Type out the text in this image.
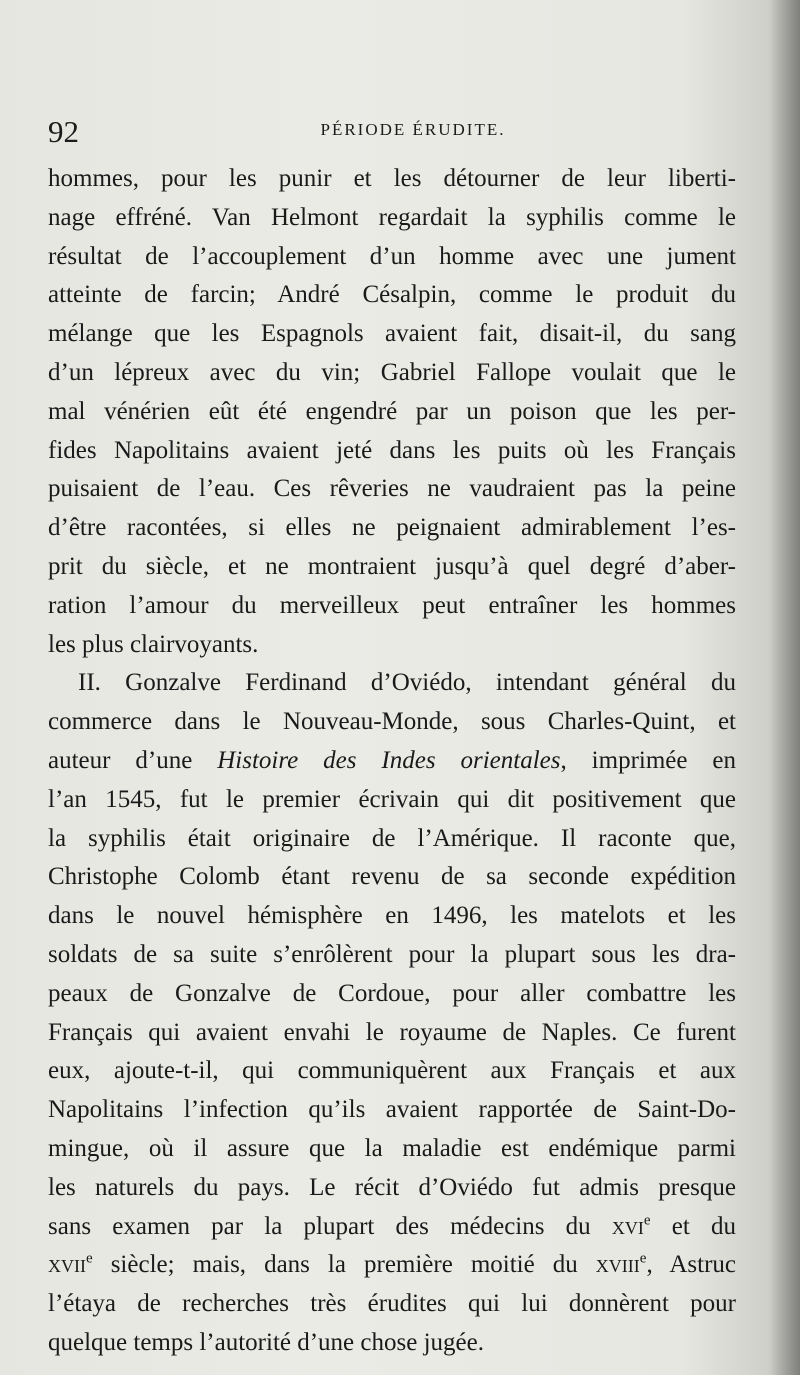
92	PÉRIODE ÉRUDITE.
hommes, pour les punir et les détourner de leur liberti-
nage effréné. Van Helmont regardait la syphilis comme le
résultat de l’accouplement d’un homme avec une jument
atteinte de farcin; André Césalpin, comme le produit du
mélange que les Espagnols avaient fait, disait-il, du sang
d’un lépreux avec du vin; Gabriel Fallope voulait que le
mal vénérien eût été engendré par un poison que les per-
fides Napolitains avaient jeté dans les puits où les Français
puisaient de l’eau. Ces rêveries ne vaudraient pas la peine
d’être racontées, si elles ne peignaient admirablement l’es-
prit du siècle, et ne montraient jusqu’à quel degré d’aber-
ration l’amour du merveilleux peut entraîner les hommes
les plus clairvoyants.
II. Gonzalve Ferdinand d’Oviédo, intendant général du
commerce dans le Nouveau-Monde, sous Charles-Quint, et
auteur d’une Histoire des Indes orientales, imprimée en
l’an 1545, fut le premier écrivain qui dit positivement que
la syphilis était originaire de l’Amérique. Il raconte que,
Christophe Colomb étant revenu de sa seconde expédition
dans le nouvel hémisphère en 1496, les matelots et les
soldats de sa suite s’enrôlèrent pour la plupart sous les dra-
peaux de Gonzalve de Cordoue, pour aller combattre les
Français qui avaient envahi le royaume de Naples. Ce furent
eux, ajoute-t-il, qui communiquèrent aux Français et aux
Napolitains l’infection qu’ils avaient rapportée de Saint-Do-
mingue, où il assure que la maladie est endémique parmi
les naturels du pays. Le récit d’Oviédo fut admis presque
sans examen par la plupart des médecins du xvi$^e$ et du
xvii$^e$ siècle; mais, dans la première moitié du xviii$^e$, Astruc
l’étaya de recherches très érudites qui lui donnèrent pour
quelque temps l’autorité d’une chose jugée.
